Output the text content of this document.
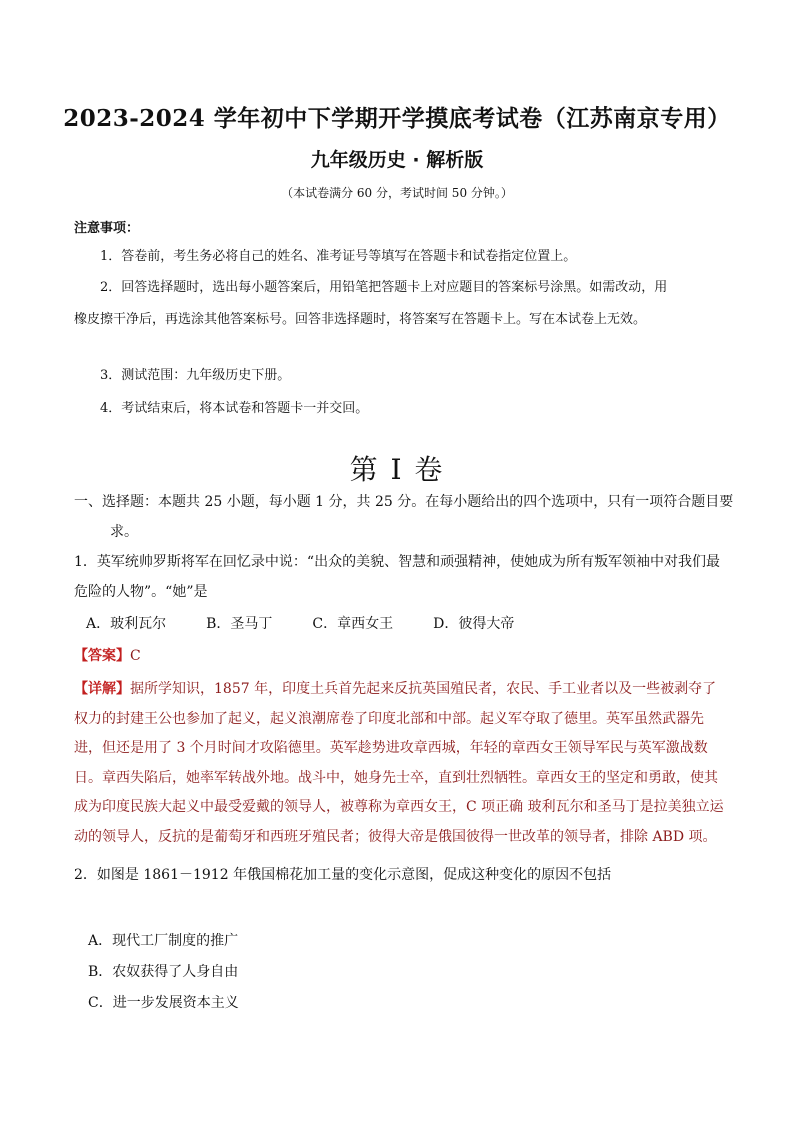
2023-2024 学年初中下学期开学摸底考试卷（江苏南京专用）
九年级历史 · 解析版
（本试卷满分 60 分，考试时间 50 分钟。）
注意事项：
1．答卷前，考生务必将自己的姓名、准考证号等填写在答题卡和试卷指定位置上。
2．回答选择题时，选出每小题答案后，用铅笔把答题卡上对应题目的答案标号涂黑。如需改动，用橡皮擦干净后，再选涂其他答案标号。回答非选择题时，将答案写在答题卡上。写在本试卷上无效。
3．测试范围：九年级历史下册。
4．考试结束后，将本试卷和答题卡一并交回。
第 I 卷
一、选择题：本题共 25 小题，每小题 1 分，共 25 分。在每小题给出的四个选项中，只有一项符合题目要求。
1．英军统帅罗斯将军在回忆录中说：“出众的美貌、智慧和顽强精神，使她成为所有叛军领袖中对我们最危险的人物”。“她”是
A．玻利瓦尔	B．圣马丁	C．章西女王	D．彼得大帝
【答案】C
【详解】据所学知识，1857 年，印度土兵首先起来反抗英国殖民者，农民、手工业者以及一些被剥夺了权力的封建王公也参加了起义，起义浪潮席卷了印度北部和中部。起义军夺取了德里。英军虽然武器先进，但还是用了 3 个月时间才攻陷德里。英军趁势进攻章西城，年轻的章西女王领导军民与英军激战数日。章西失陷后，她率军转战外地。战斗中，她身先士卒，直到壮烈牺牲。章西女王的坚定和勇敢，使其成为印度民族大起义中最受爱戴的领导人，被尊称为章西女王，C 项正确 玻利瓦尔和圣马丁是拉美独立运动的领导人，反抗的是葡萄牙和西班牙殖民者；彼得大帝是俄国彼得一世改革的领导者，排除 ABD 项。
2．如图是 1861－1912 年俄国棉花加工量的变化示意图，促成这种变化的原因不包括
A．现代工厂制度的推广
B．农奴获得了人身自由
C．进一步发展资本主义
